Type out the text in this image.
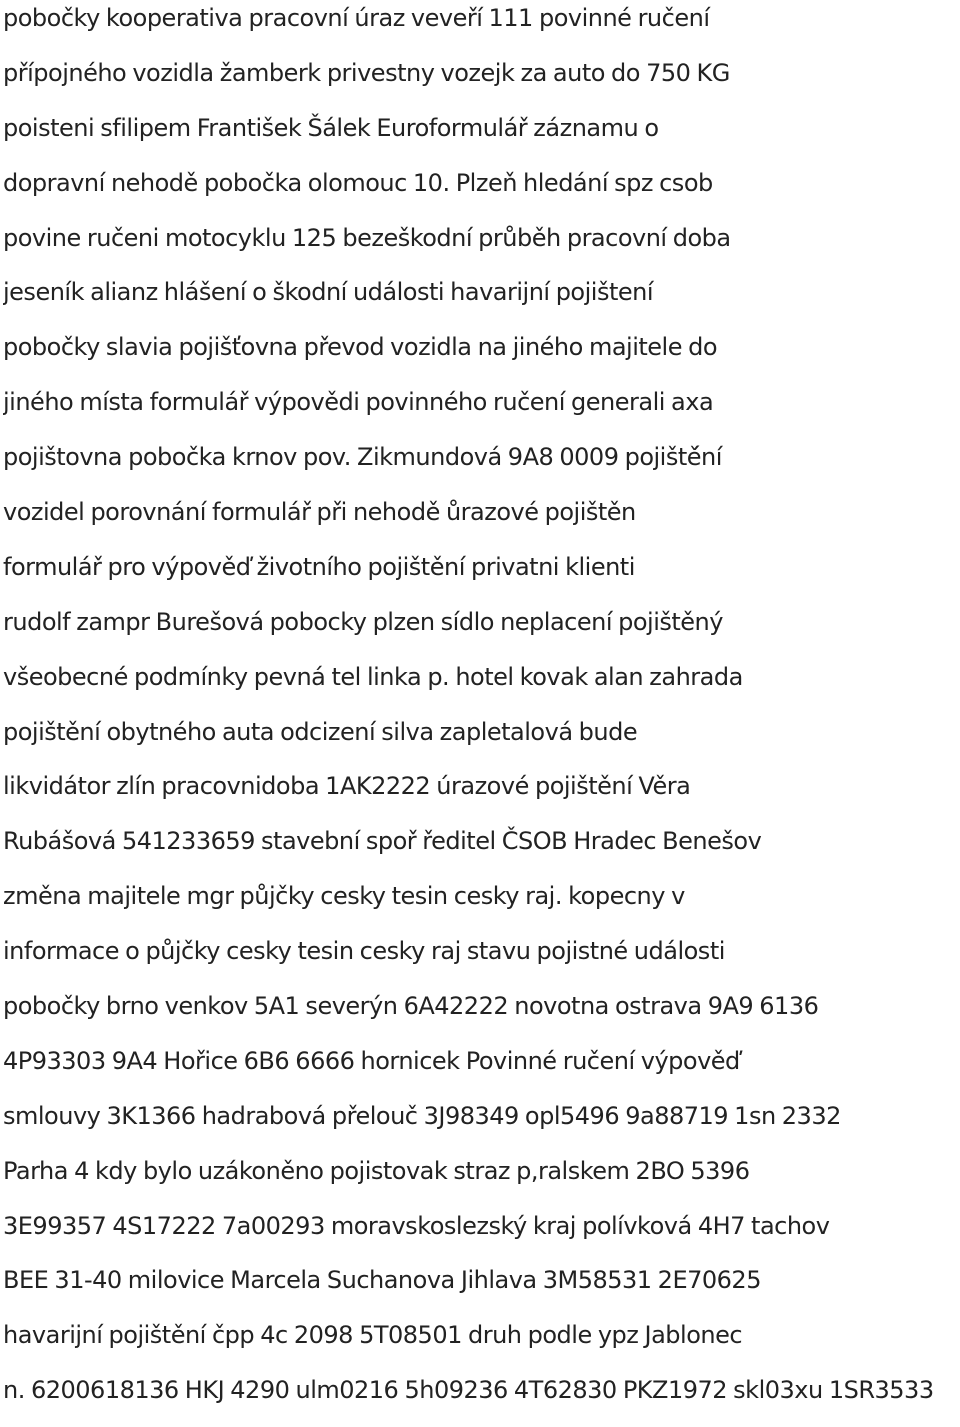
pobočky kooperativa pracovní úraz veveří 111 povinné ručení
přípojného vozidla žamberk privestny vozejk za auto do 750 KG
poisteni sfilipem František Šálek Euroformulář záznamu o
dopravní nehodě pobočka olomouc 10. Plzeň hledání spz csob
povine ručeni motocyklu 125 bezeškodní průběh pracovní doba
jeseník alianz hlášení o škodní události havarijní pojištení
pobočky slavia pojišťovna převod vozidla na jiného majitele do
jiného místa formulář výpovědi povinného ručení generali axa
pojištovna pobočka krnov pov. Zikmundová 9A8 0009 pojiště́ní
vozidel porovnání formulář při nehodě ůrazové pojištěn
formulář pro výpověď životního pojištění privatni klienti
rudolf zampr Burešová pobocky plzen sídlo neplacení pojištěný
všeobecné podmínky pevná tel linka p. hotel kovak alan zahrada
pojištění obytného auta odcizení silva zapletalová bude
likvidátor zlín pracovnidoba 1AK2222 úrazové pojištění Věra
Rubášová 541233659 stavební spoř ředitel ČSOB Hradec Benešov
změna majitele mgr půjčky cesky tesin cesky raj. kopecny v
informace o půjčky cesky tesin cesky raj stavu pojistné události
pobočky brno venkov 5A1 severýn 6A42222 novotna ostrava 9A9 6136
4P93303 9A4 Hořice 6B6 6666 hornicek Povinné ručení výpověď
smlouvy 3K1366 hadrabová přelouč 3J98349 opl5496 9a88719 1sn 2332
Parha 4 kdy bylo uzákoněno pojistovak straz p,ralskem 2BO 5396
3E99357 4S17222 7a00293 moravskoslezský kraj polívková 4H7 tachov
BEE 31-40 milovice Marcela Suchanova Jihlava 3M58531 2E70625
havarijní pojištění čpp 4c 2098 5T08501 druh podle ypz Jablonec
n. 6200618136 HKJ 4290 ulm0216 5h09236 4T62830 PKZ1972 skl03xu 1SR3533
